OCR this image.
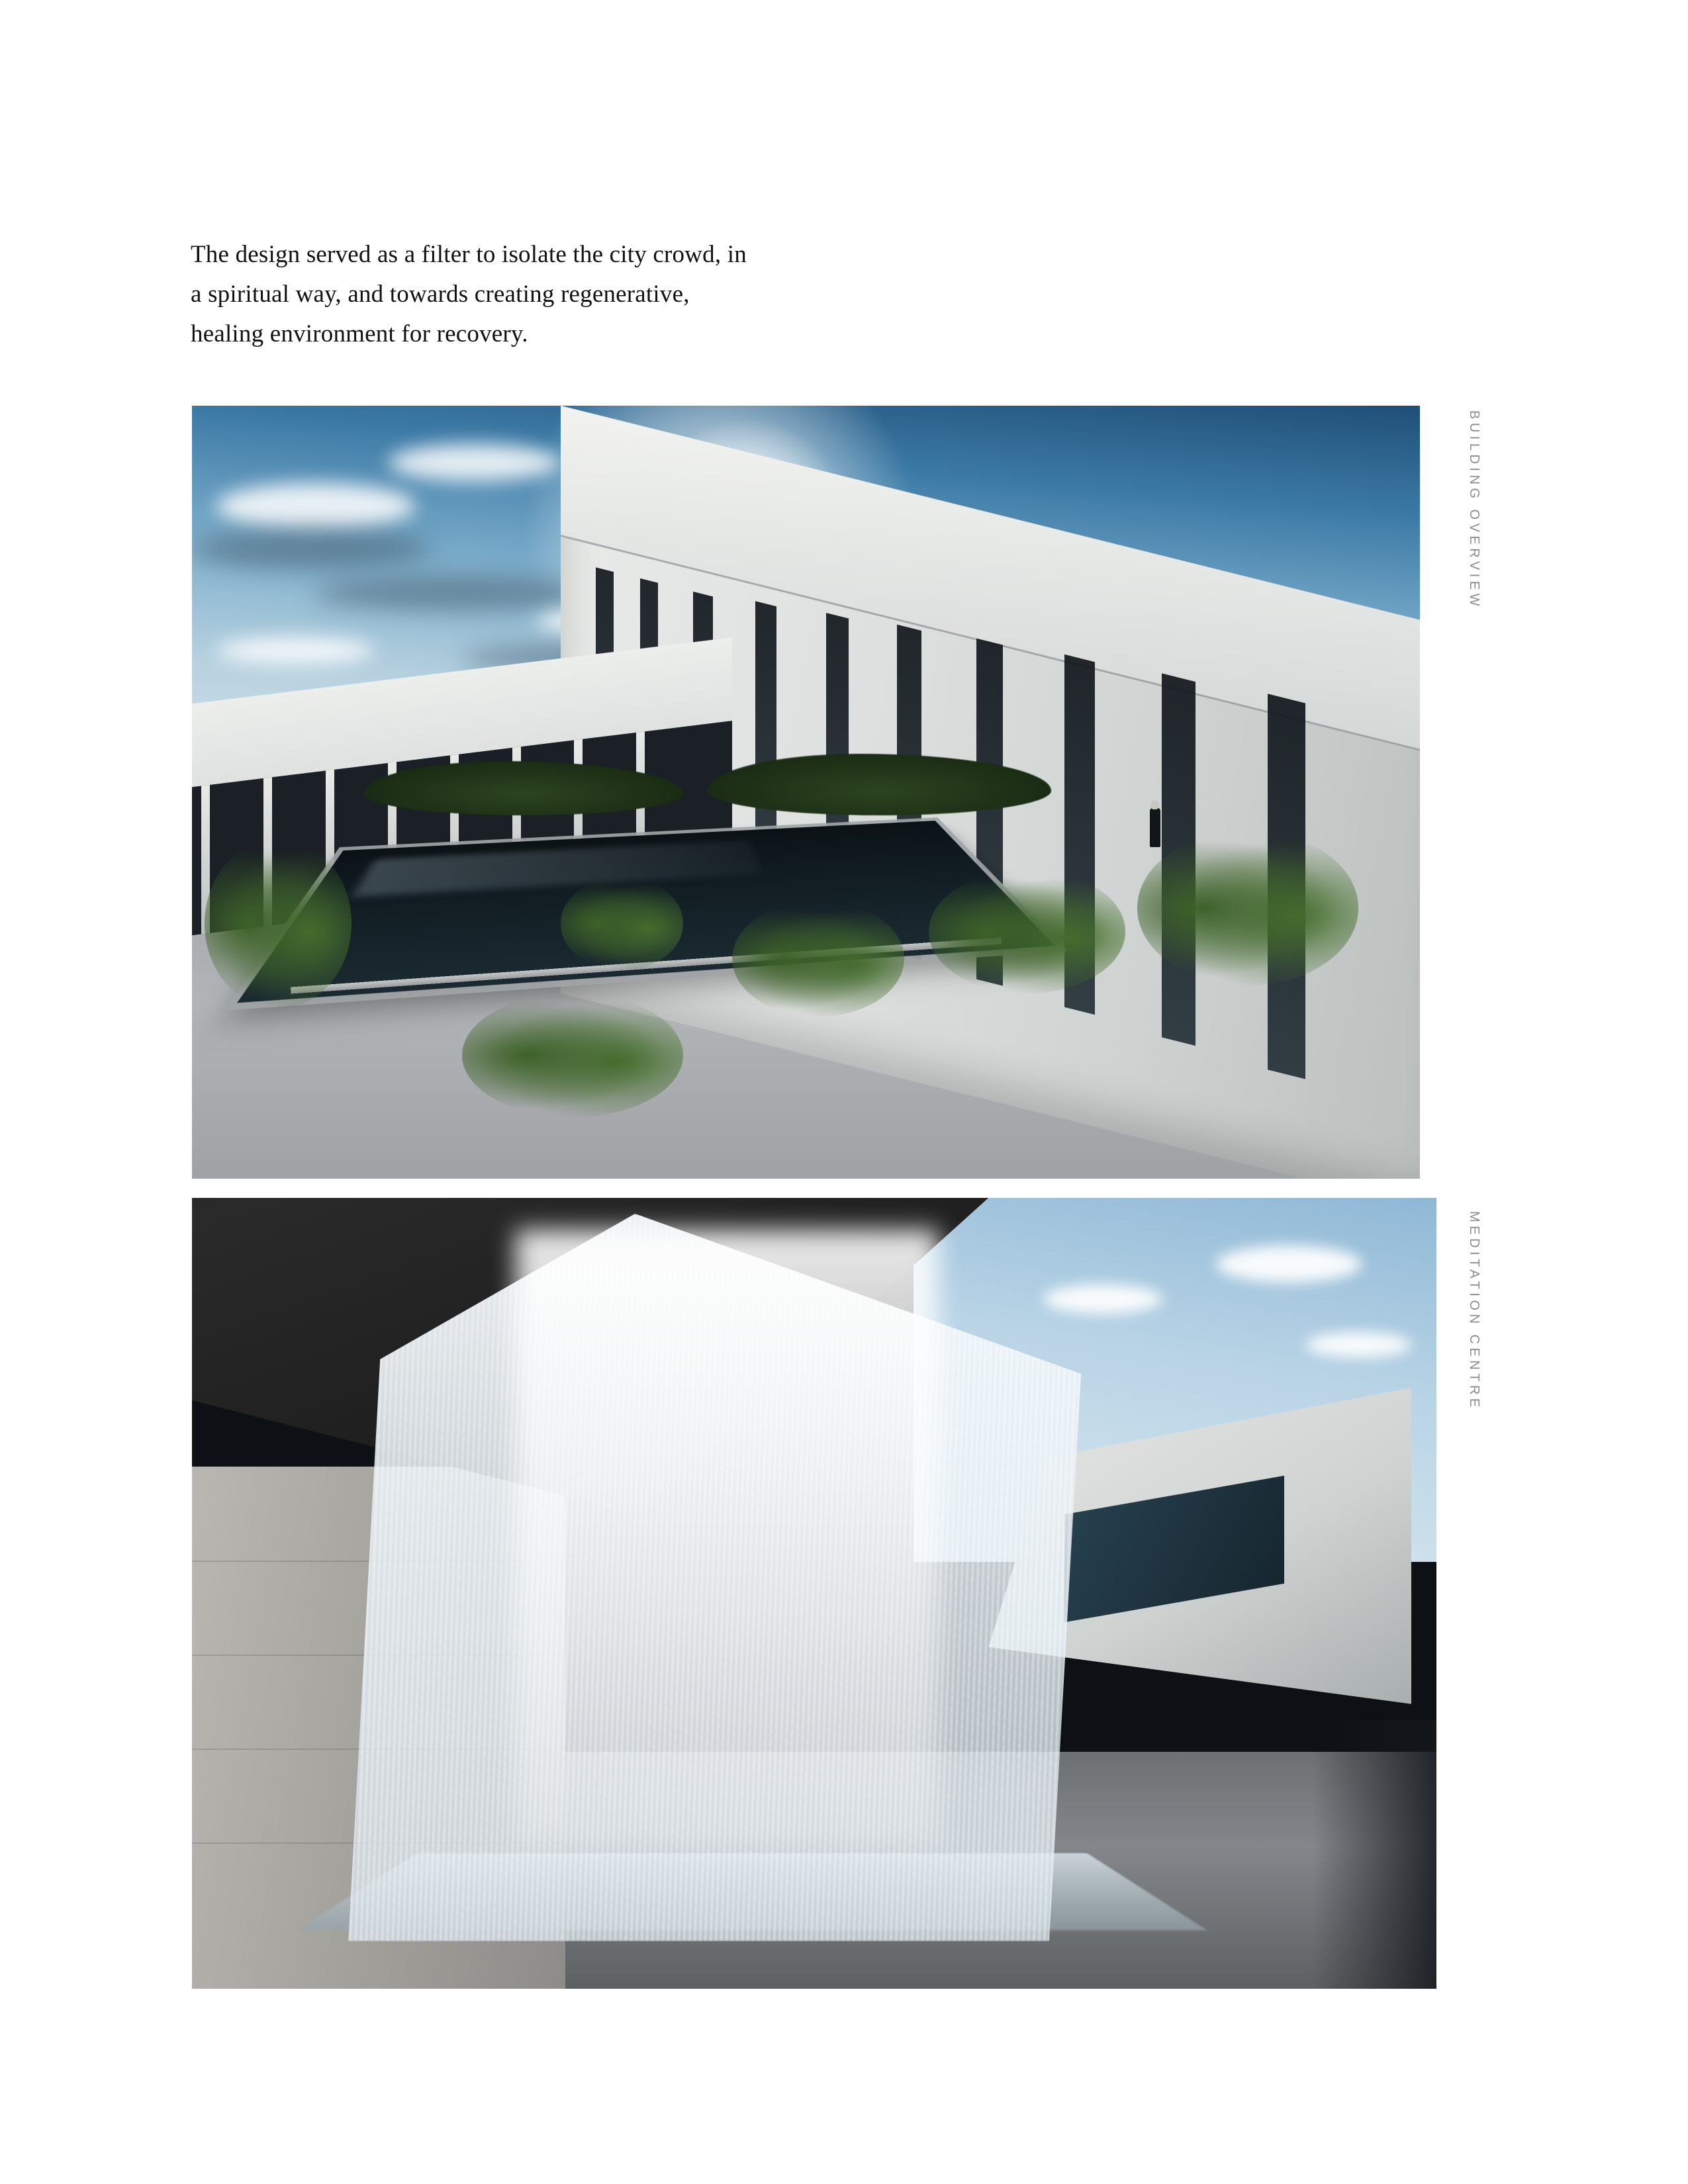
The design served as a filter to isolate the city crowd, in a spiritual way, and towards creating regenerative, healing environment for recovery.
BUILDING OVERVIEW
MEDITATION CENTRE
